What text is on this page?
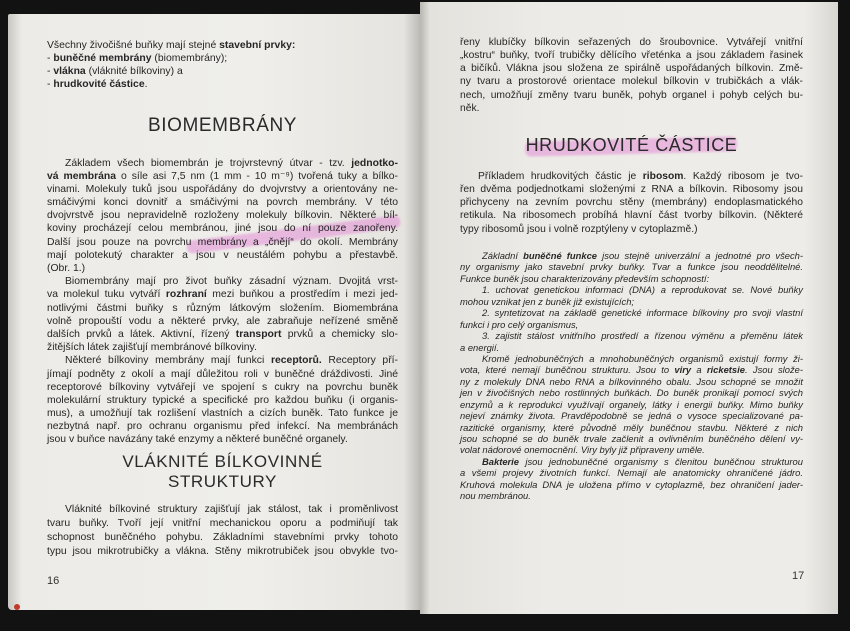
Všechny živočišné buňky mají stejné stavební prvky:
- buněčné membrány (biomembrány);
- vlákna (vláknité bílkoviny) a
- hrudkovité částice.
BIOMEMBRÁNY
Základem všech biomembrán je trojvrstevný útvar - tzv. jednotko-
vá membrána o síle asi 7,5 nm (1 mm - 10 m⁻⁹) tvořená tuky a bílko-
vinami. Molekuly tuků jsou uspořádány do dvojvrstvy a orientovány ne-
smáčivými konci dovnitř a smáčivými na povrch membrány. V této
dvojvrstvě jsou nepravidelně rozloženy molekuly bílkovin. Některé bíl-
koviny procházejí celou membránou, jiné jsou do ní pouze zanořeny.
Další jsou pouze na povrchu membrány a „čnějí“ do okolí. Membrány
mají polotekutý charakter a jsou v neustálém pohybu a přestavbě.
(Obr. 1.)
Biomembrány mají pro život buňky zásadní význam. Dvojitá vrst-
va molekul tuku vytváří rozhraní mezi buňkou a prostředím i mezi jed-
notlivými částmi buňky s různým látkovým složením. Biomembrána
volně propouští vodu a některé prvky, ale zabraňuje neřízené směně
dalších prvků a látek. Aktivní, řízený transport prvků a chemicky slo-
žitějších látek zajišťují membránové bílkoviny.
Některé bílkoviny membrány mají funkci receptorů. Receptory pří-
jímají podněty z okolí a mají důležitou roli v buněčné dráždivosti. Jiné
receptorové bílkoviny vytvářejí ve spojení s cukry na povrchu buněk
molekulární struktury typické a specifické pro každou buňku (i organis-
mus), a umožňují tak rozlišení vlastních a cizích buněk. Tato funkce je
nezbytná např. pro ochranu organismu před infekcí. Na membránách
jsou v buňce navázány také enzymy a některé buněčné organely.
VLÁKNITÉ BÍLKOVINNÉ
STRUKTURY
Vláknité bílkoviné struktury zajišťují jak stálost, tak i proměnlivost
tvaru buňky. Tvoří její vnitřní mechanickou oporu a podmiňují tak
schopnost buněčného pohybu. Základními stavebními prvky tohoto
typu jsou mikrotrubičky a vlákna. Stěny mikrotrubiček jsou obvykle tvo-
16
řeny klubíčky bílkovin seřazených do šroubovnice. Vytvářejí vnitřní
„kostru“ buňky, tvoří trubičky dělícího vřeténka a jsou základem řasinek
a bičíků. Vlákna jsou složena ze spirálně uspořádaných bílkovin. Změ-
ny tvaru a prostorové orientace molekul bílkovin v trubičkách a vlák-
nech, umožňují změny tvaru buněk, pohyb organel i pohyb celých bu-
něk.
HRUDKOVITÉ ČÁSTICE
Příkladem hrudkovitých částic je ribosom. Každý ribosom je tvo-
řen dvěma podjednotkami složenými z RNA a bílkovin. Ribosomy jsou
přichyceny na zevním povrchu stěny (membrány) endoplasmatického
retikula. Na ribosomech probíhá hlavní část tvorby bílkovin. (Některé
typy ribosomů jsou i volně rozptýleny v cytoplazmě.)
Základní buněčné funkce jsou stejně univerzální a jednotné pro všech-
ny organismy jako stavební prvky buňky. Tvar a funkce jsou neoddělitelné.
Funkce buněk jsou charakterizovány především schopností:
1. uchovat genetickou informaci (DNA) a reprodukovat se. Nové buňky
mohou vznikat jen z buněk již existujících;
2. syntetizovat na základě genetické informace bílkoviny pro svoji vlastní
funkci i pro celý organismus,
3. zajistit stálost vnitřního prostředí a řízenou výměnu a přeměnu látek
a energií.
Kromě jednobuněčných a mnohobuněčných organismů existují formy ži-
vota, které nemají buněčnou strukturu. Jsou to viry a ricketsie. Jsou slože-
ny z molekuly DNA nebo RNA a bílkovinného obalu. Jsou schopné se množit
jen v živočišných nebo rostlinných buňkách. Do buněk pronikají pomocí svých
enzymů a k reprodukci využívají organely, látky i energii buňky. Mimo buňky
nejeví známky života. Pravděpodobně se jedná o vysoce specializované pa-
razitické organismy, které původně měly buněčnou stavbu. Některé z nich
jsou schopné se do buněk trvale začlenit a ovlivněním buněčného dělení vy-
volat nádorové onemocnění. Viry byly již připraveny uměle.
Bakterie jsou jednobuněčné organismy s členitou buněčnou strukturou
a všemi projevy životních funkcí. Nemají ale anatomicky ohraničené jádro.
Kruhová molekula DNA je uložena přímo v cytoplazmě, bez ohraničení jader-
nou membránou.
17
